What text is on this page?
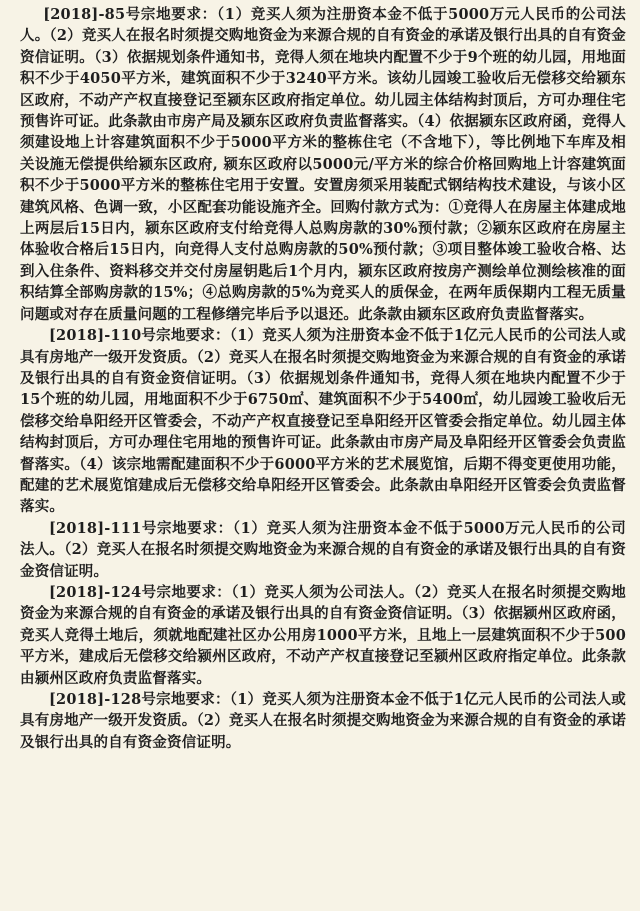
[2018]-85号宗地要求：（1）竞买人须为注册资本金不低于5000万元人民币的公司法人。（2）竞买人在报名时须提交购地资金为来源合规的自有资金的承诺及银行出具的自有资金资信证明。（3）依据规划条件通知书，竞得人须在地块内配置不少于9个班的幼儿园，用地面积不少于4050平方米，建筑面积不少于3240平方米。该幼儿园竣工验收后无偿移交给颍东区政府，不动产产权直接登记至颍东区政府指定单位。幼儿园主体结构封顶后，方可办理住宅预售许可证。此条款由市房产局及颍东区政府负责监督落实。（4）依据颍东区政府函，竞得人须建设地上计容建筑面积不少于5000平方米的整栋住宅（不含地下），等比例地下车库及相关设施无偿提供给颍东区政府, 颍东区政府以5000元/平方米的综合价格回购地上计容建筑面积不少于5000平方米的整栋住宅用于安置。安置房须采用装配式钢结构技术建设，与该小区建筑风格、色调一致，小区配套功能设施齐全。回购付款方式为：①竞得人在房屋主体建成地上两层后15日内，颍东区政府支付给竞得人总购房款的30%预付款；②颍东区政府在房屋主体验收合格后15日内，向竞得人支付总购房款的50%预付款；③项目整体竣工验收合格、达到入住条件、资料移交并交付房屋钥匙后1个月内，颍东区政府按房产测绘单位测绘核准的面积结算全部购房款的15%；④总购房款的5%为竞买人的质保金，在两年质保期内工程无质量问题或对存在质量问题的工程修缮完毕后予以退还。此条款由颍东区政府负责监督落实。

[2018]-110号宗地要求：（1）竞买人须为注册资本金不低于1亿元人民币的公司法人或具有房地产一级开发资质。（2）竞买人在报名时须提交购地资金为来源合规的自有资金的承诺及银行出具的自有资金资信证明。（3）依据规划条件通知书，竞得人须在地块内配置不少于15个班的幼儿园，用地面积不少于6750㎡、建筑面积不少于5400㎡，幼儿园竣工验收后无偿移交给阜阳经开区管委会，不动产产权直接登记至阜阳经开区管委会指定单位。幼儿园主体结构封顶后，方可办理住宅用地的预售许可证。此条款由市房产局及阜阳经开区管委会负责监督落实。（4）该宗地需配建面积不少于6000平方米的艺术展览馆，后期不得变更使用功能，配建的艺术展览馆建成后无偿移交给阜阳经开区管委会。此条款由阜阳经开区管委会负责监督落实。

[2018]-111号宗地要求：（1）竞买人须为注册资本金不低于5000万元人民币的公司法人。（2）竞买人在报名时须提交购地资金为来源合规的自有资金的承诺及银行出具的自有资金资信证明。

[2018]-124号宗地要求：（1）竞买人须为公司法人。（2）竞买人在报名时须提交购地资金为来源合规的自有资金的承诺及银行出具的自有资金资信证明。（3）依据颍州区政府函，竞买人竞得土地后，须就地配建社区办公用房1000平方米，且地上一层建筑面积不少于500平方米，建成后无偿移交给颍州区政府，不动产产权直接登记至颍州区政府指定单位。此条款由颍州区政府负责监督落实。

[2018]-128号宗地要求：（1）竞买人须为注册资本金不低于1亿元人民币的公司法人或具有房地产一级开发资质。（2）竞买人在报名时须提交购地资金为来源合规的自有资金的承诺及银行出具的自有资金资信证明。
